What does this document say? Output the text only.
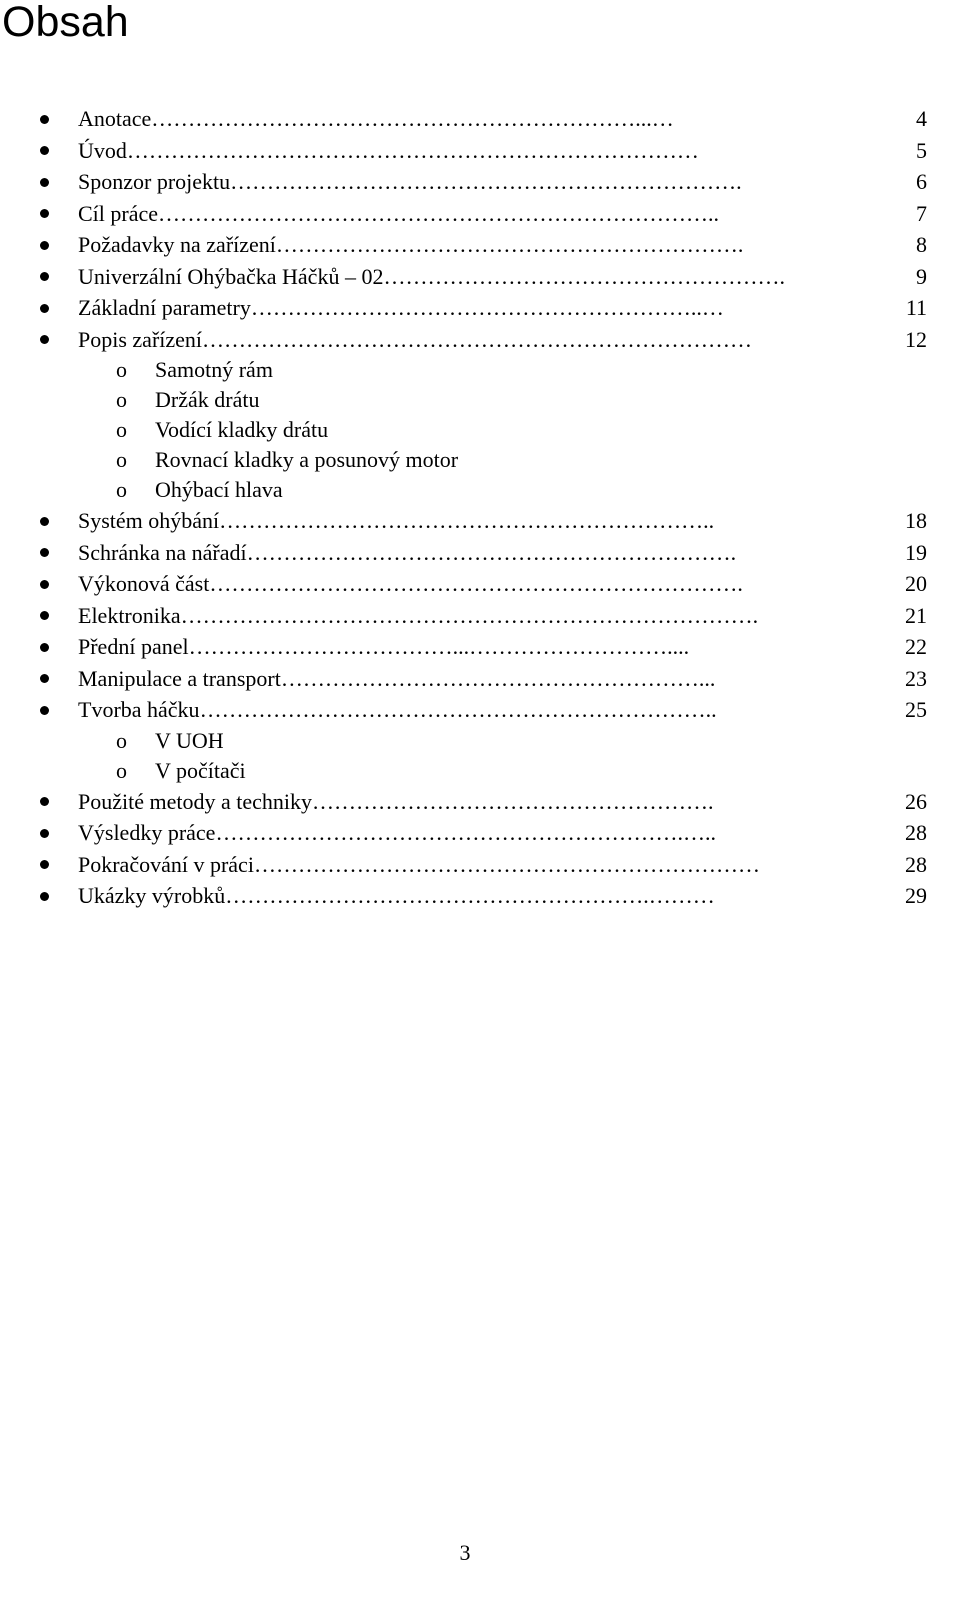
Obsah
Anotace …………………………………………………………...…	4
Úvod ……………………………………………………………………	5
Sponzor projektu …………………………………………………………….	6
Cíl práce …………………………………………………………………..	7
Požadavky na zařízení ……………………………………………………….	8
Univerzální Ohýbačka Háčků – 02 ……………………………………………….	9
Základní parametry ……………………………………………………..…	11
Popis zařízení …………………………………………………………………	12
o Samotný rám
o Držák drátu
o Vodící kladky drátu
o Rovnací kladky a posunový motor
o Ohýbací hlava
Systém ohýbání …………………………………………………………..	18
Schránka na nářadí ………………………………………………………….	19
Výkonová část ……………………………………………………………….	20
Elektronika …………………………………………………………………….	21
Přední panel ………………………………...………………………....	22
Manipulace a transport …………………………………………………...	23
Tvorba háčku ……………………………………………………………..	25
o V UOH
o V počítači
Použité metody a techniky ……………………………………………….	26
Výsledky práce ……………………………………………………….…..	28
Pokračování v práci ……………………………………………………………	28
Ukázky výrobků ………………………………………………….………	29
3
